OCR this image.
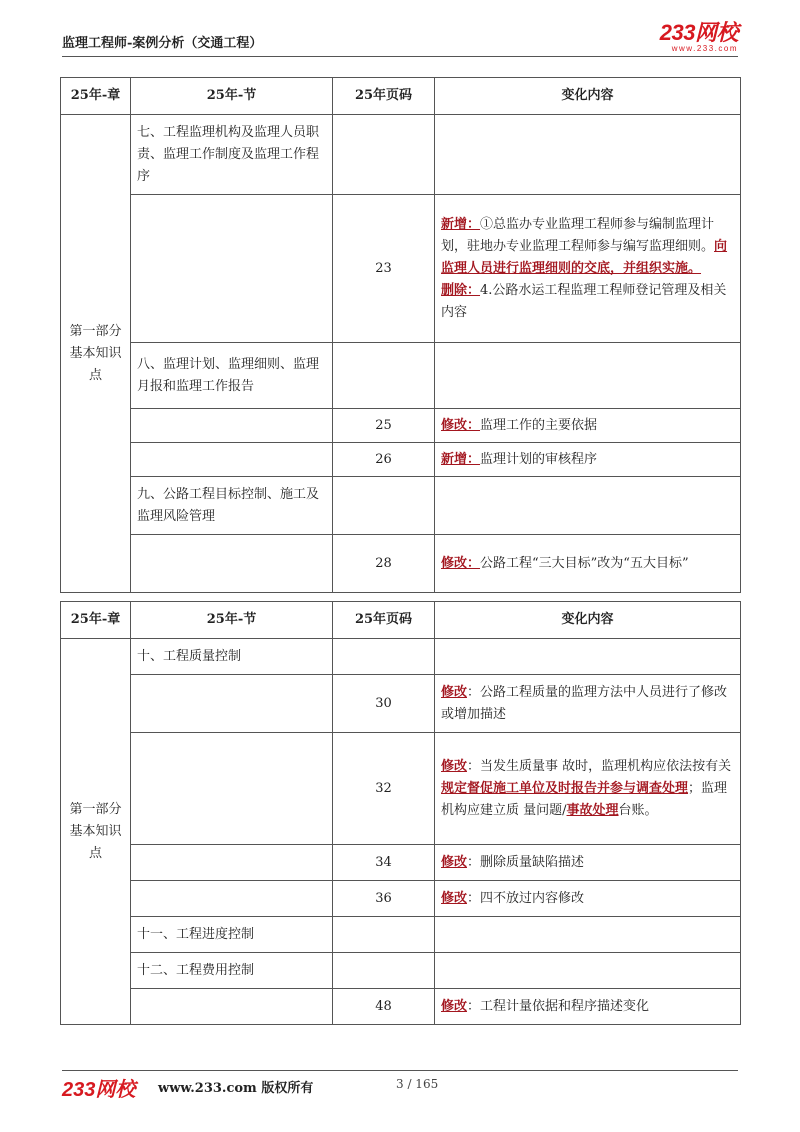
监理工程师-案例分析（交通工程）	233网校
www.233.com
25年-章	25年-节	25年页码	变化内容
第一部分基本知识点	七、工程监理机构及监理人员职责、监理工作制度及监理工作程序		
		23	新增：①总监办专业监理工程师参与编制监理计划，驻地办专业监理工程师参与编写监理细则。向监理人员进行监理细则的交底，并组织实施。
删除：4.公路水运工程监理工程师登记管理及相关内容
	八、监理计划、监理细则、监理月报和监理工作报告		
		25	修改：监理工作的主要依据
		26	新增：监理计划的审核程序
	九、公路工程目标控制、施工及监理风险管理		
		28	修改：公路工程“三大目标”改为“五大目标”
25年-章	25年-节	25年页码	变化内容
第一部分基本知识点	十、工程质量控制		
		30	修改：公路工程质量的监理方法中人员进行了修改或增加描述
		32	修改：当发生质量事 故时，监理机构应依法按有关规定督促施工单位及时报告并参与调查处理；监理机构应建立质 量问题/事故处理台账。
		34	修改：删除质量缺陷描述
		36	修改：四不放过内容修改
	十一、工程进度控制		
	十二、工程费用控制		
		48	修改：工程计量依据和程序描述变化
233网校 www.233.com 版权所有	3 / 165
